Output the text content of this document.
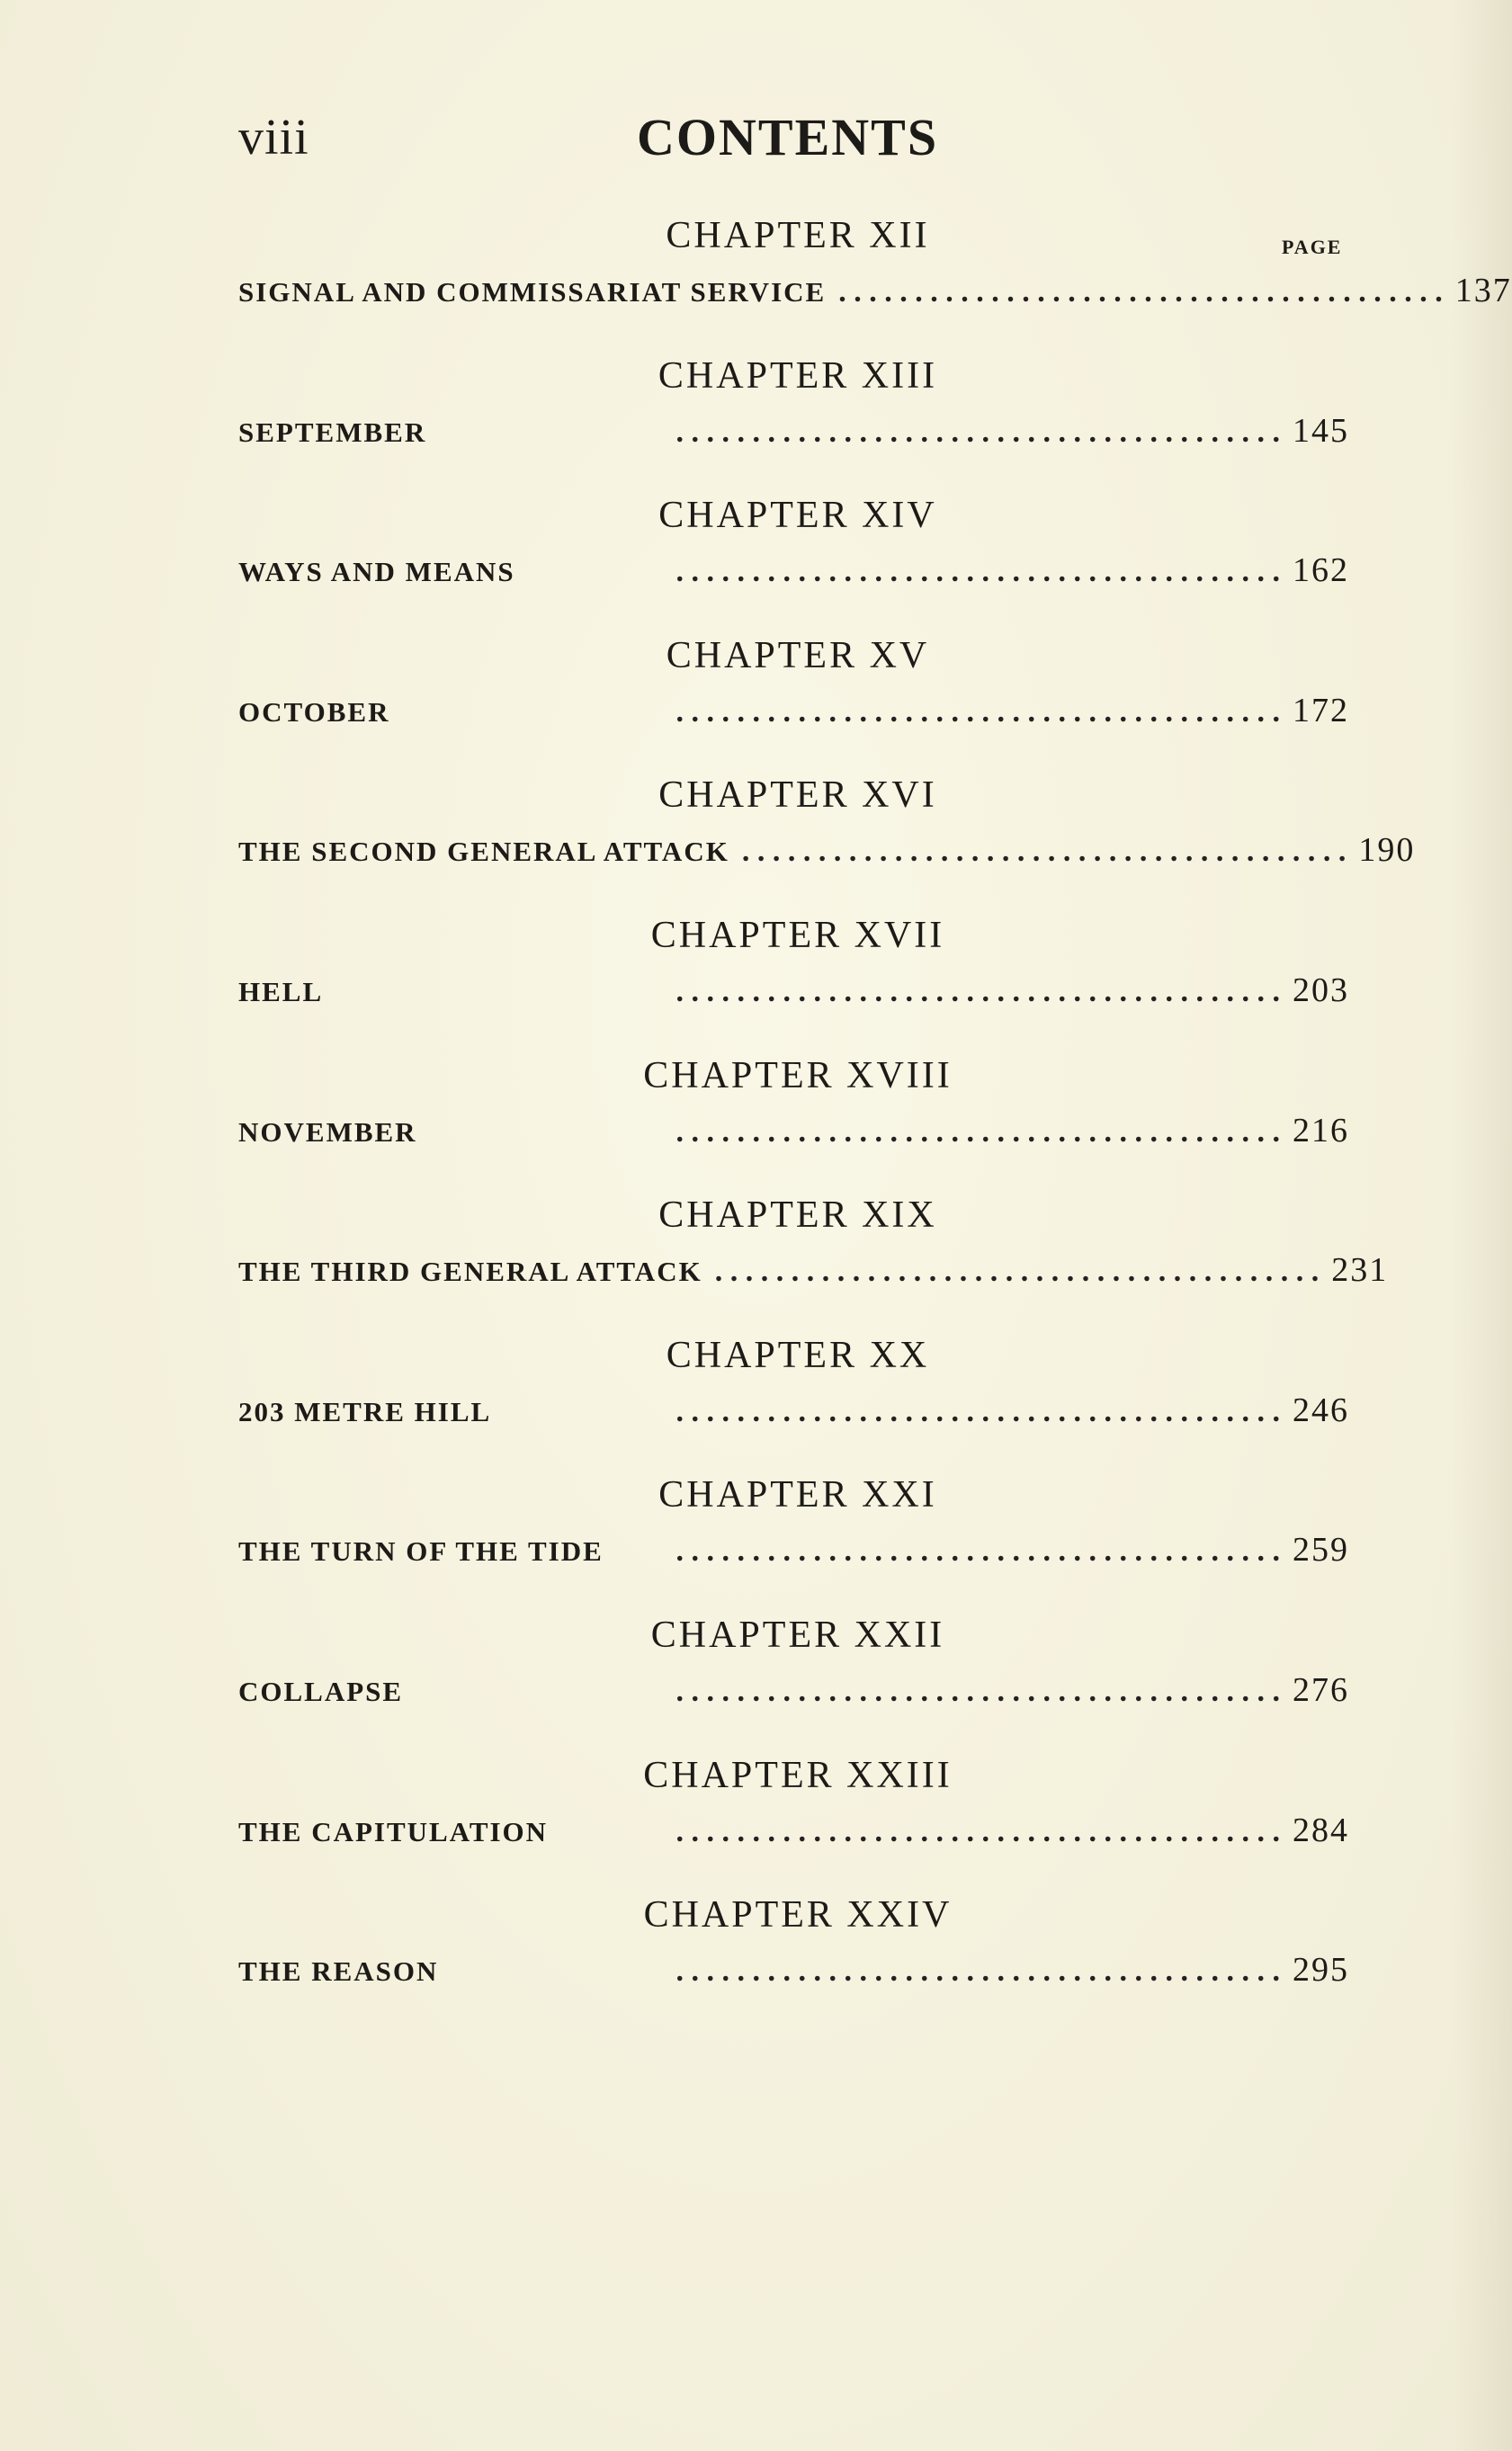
viii	CONTENTS
PAGE
CHAPTER XII
SIGNAL AND COMMISSARIAT SERVICE . . . . . . . . . . . . . . . . . . . . . . . . . . . . . . . . . . . . . . . . 137
CHAPTER XIII
SEPTEMBER	. . . . . . . . . . . . . . . . . . . . . . . . . . . . . . . . . . . . . . . . 145
CHAPTER XIV
WAYS AND MEANS	. . . . . . . . . . . . . . . . . . . . . . . . . . . . . . . . . . . . . . . . 162
CHAPTER XV
OCTOBER	. . . . . . . . . . . . . . . . . . . . . . . . . . . . . . . . . . . . . . . . 172
CHAPTER XVI
THE SECOND GENERAL ATTACK . . . . . . . . . . . . . . . . . . . . . . . . . . . . . . . . . . . . . . . . 190
CHAPTER XVII
HELL	. . . . . . . . . . . . . . . . . . . . . . . . . . . . . . . . . . . . . . . . 203
CHAPTER XVIII
NOVEMBER	. . . . . . . . . . . . . . . . . . . . . . . . . . . . . . . . . . . . . . . . 216
CHAPTER XIX
THE THIRD GENERAL ATTACK . . . . . . . . . . . . . . . . . . . . . . . . . . . . . . . . . . . . . . . . 231
CHAPTER XX
203 METRE HILL	. . . . . . . . . . . . . . . . . . . . . . . . . . . . . . . . . . . . . . . . 246
CHAPTER XXI
THE TURN OF THE TIDE	. . . . . . . . . . . . . . . . . . . . . . . . . . . . . . . . . . . . . . . . 259
CHAPTER XXII
COLLAPSE	. . . . . . . . . . . . . . . . . . . . . . . . . . . . . . . . . . . . . . . . 276
CHAPTER XXIII
THE CAPITULATION	. . . . . . . . . . . . . . . . . . . . . . . . . . . . . . . . . . . . . . . . 284
CHAPTER XXIV
THE REASON	. . . . . . . . . . . . . . . . . . . . . . . . . . . . . . . . . . . . . . . . 295
